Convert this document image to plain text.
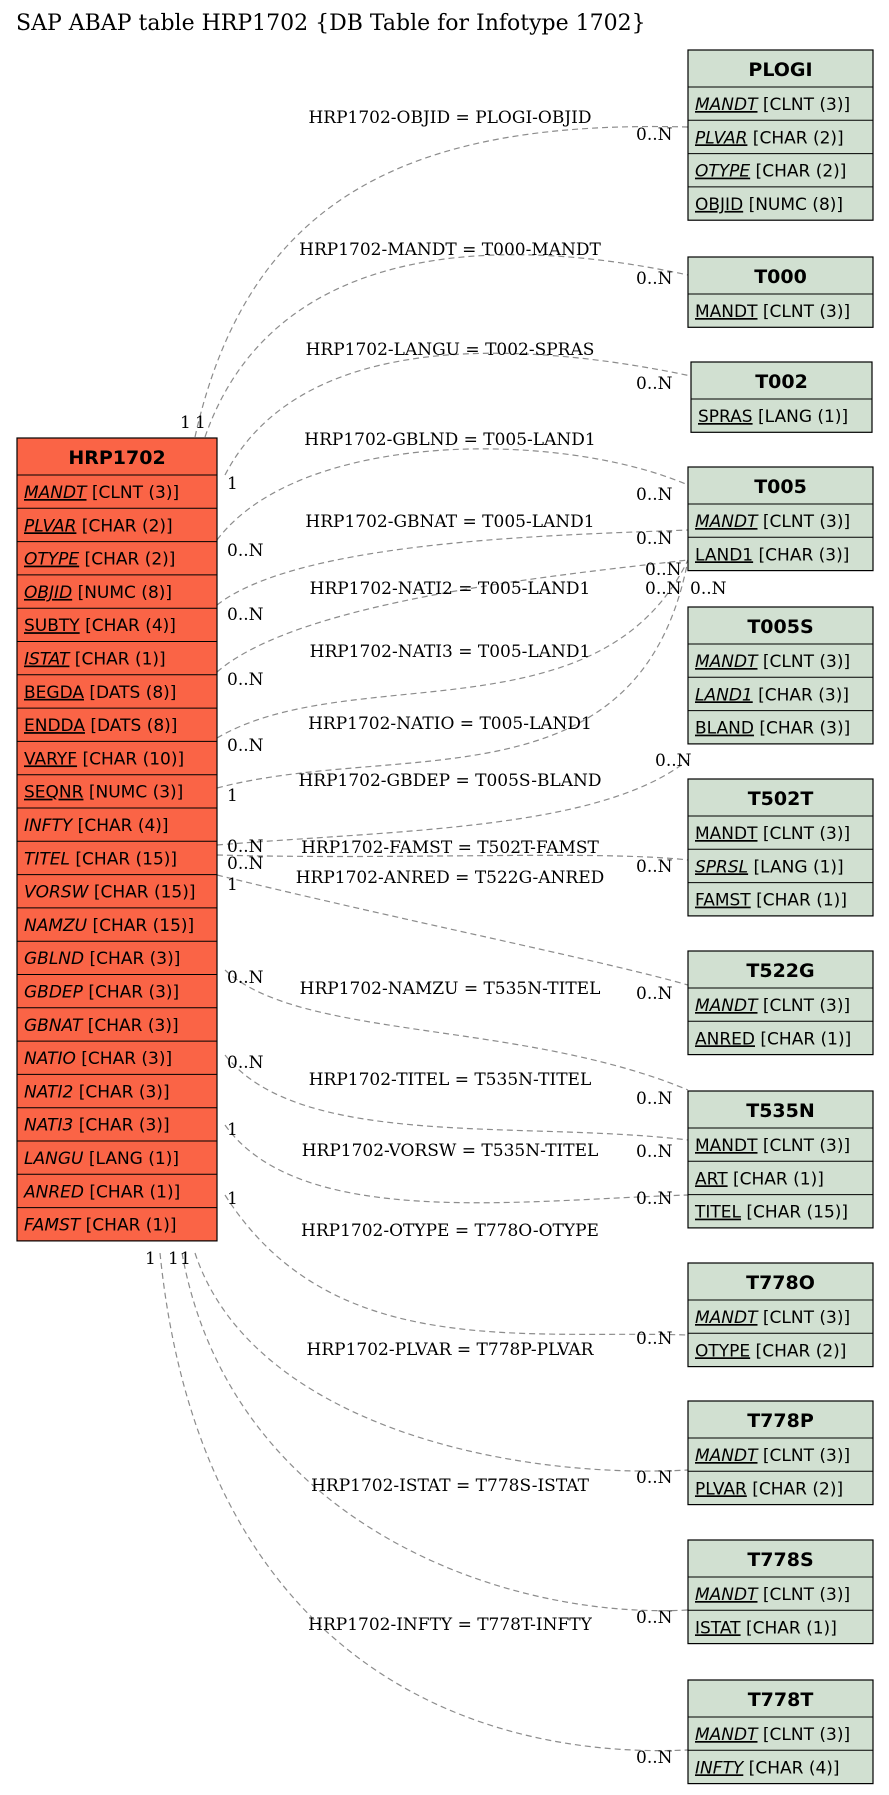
SAP ABAP table HRP1702 {DB Table for Infotype 1702}
HRP1702
MANDT [CLNT (3)]
PLVAR [CHAR (2)]
OTYPE [CHAR (2)]
OBJID [NUMC (8)]
SUBTY [CHAR (4)]
ISTAT [CHAR (1)]
BEGDA [DATS (8)]
ENDDA [DATS (8)]
VARYF [CHAR (10)]
SEQNR [NUMC (3)]
INFTY [CHAR (4)]
TITEL [CHAR (15)]
VORSW [CHAR (15)]
NAMZU [CHAR (15)]
GBLND [CHAR (3)]
GBDEP [CHAR (3)]
GBNAT [CHAR (3)]
NATIO [CHAR (3)]
NATI2 [CHAR (3)]
NATI3 [CHAR (3)]
LANGU [LANG (1)]
ANRED [CHAR (1)]
FAMST [CHAR (1)]
PLOGI
MANDT [CLNT (3)]
PLVAR [CHAR (2)]
OTYPE [CHAR (2)]
OBJID [NUMC (8)]
T000
MANDT [CLNT (3)]
T002
SPRAS [LANG (1)]
T005
MANDT [CLNT (3)]
LAND1 [CHAR (3)]
T005S
MANDT [CLNT (3)]
LAND1 [CHAR (3)]
BLAND [CHAR (3)]
T502T
MANDT [CLNT (3)]
SPRSL [LANG (1)]
FAMST [CHAR (1)]
T522G
MANDT [CLNT (3)]
ANRED [CHAR (1)]
T535N
MANDT [CLNT (3)]
ART [CHAR (1)]
TITEL [CHAR (15)]
T778O
MANDT [CLNT (3)]
OTYPE [CHAR (2)]
T778P
MANDT [CLNT (3)]
PLVAR [CHAR (2)]
T778S
MANDT [CLNT (3)]
ISTAT [CHAR (1)]
T778T
MANDT [CLNT (3)]
INFTY [CHAR (4)]
HRP1702-OBJID = PLOGI-OBJID
1
0..N
HRP1702-MANDT = T000-MANDT
1
0..N
HRP1702-LANGU = T002-SPRAS
1
0..N
HRP1702-GBLND = T005-LAND1
0..N
0..N
HRP1702-GBNAT = T005-LAND1
0..N
0..N
HRP1702-NATI2 = T005-LAND1
0..N
0..N
HRP1702-NATI3 = T005-LAND1
0..N
0..N
HRP1702-NATIO = T005-LAND1
1
0..N
HRP1702-GBDEP = T005S-BLAND
0..N
0..N
HRP1702-FAMST = T502T-FAMST
0..N	0..N
HRP1702-ANRED = T522G-ANRED
1
0..N
HRP1702-NAMZU = T535N-TITEL
0..N
0..N
HRP1702-TITEL = T535N-TITEL
0..N
0..N
HRP1702-VORSW = T535N-TITEL
1
0..N
HRP1702-OTYPE = T778O-OTYPE
1
0..N
HRP1702-PLVAR = T778P-PLVAR
1
0..N
HRP1702-ISTAT = T778S-ISTAT
1
0..N
HRP1702-INFTY = T778T-INFTY
1
0..N
